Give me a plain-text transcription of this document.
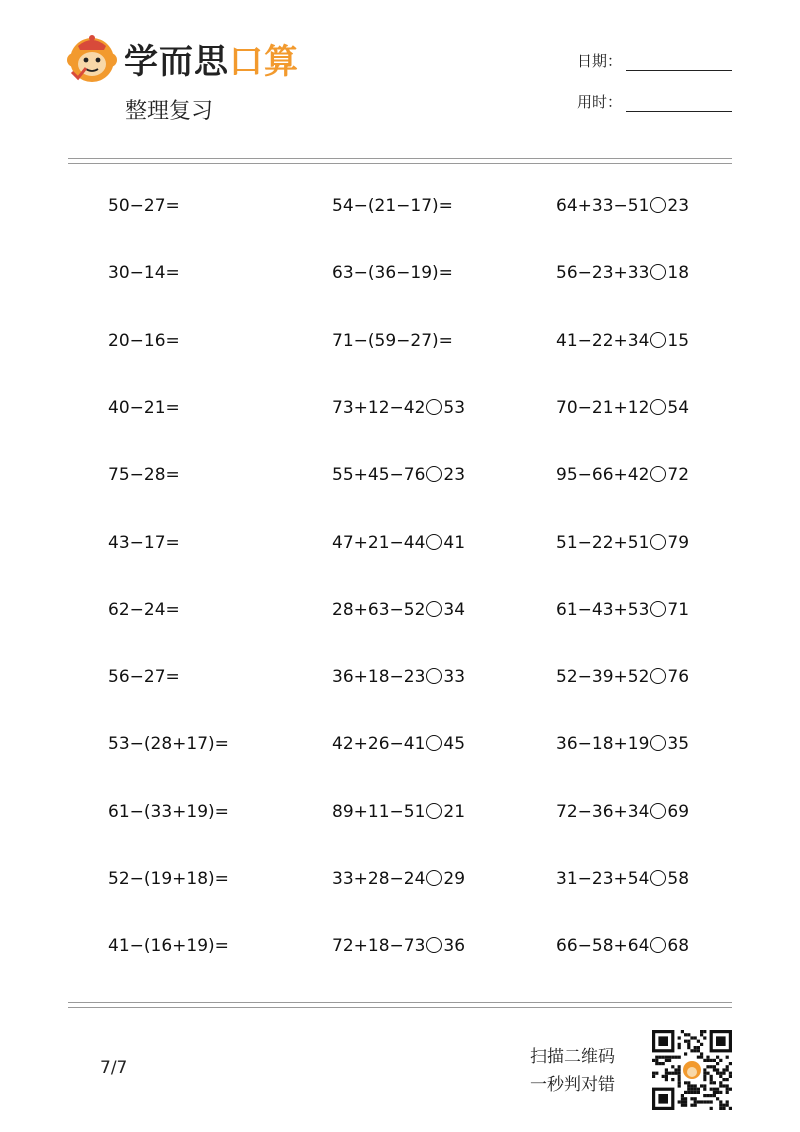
学而思口算
整理复习
日期：
用时：
50−27=	54−(21−17)=	64+33−51 23
30−14=	63−(36−19)=	56−23+33 18
20−16=	71−(59−27)=	41−22+34 15
40−21=	73+12−42 53	70−21+12 54
75−28=	55+45−76 23	95−66+42 72
43−17=	47+21−44 41	51−22+51 79
62−24=	28+63−52 34	61−43+53 71
56−27=	36+18−23 33	52−39+52 76
53−(28+17)=	42+26−41 45	36−18+19 35
61−(33+19)=	89+11−51 21	72−36+34 69
52−(19+18)=	33+28−24 29	31−23+54 58
41−(16+19)=	72+18−73 36	66−58+64 68
7/7
扫描二维码
一秒判对错
